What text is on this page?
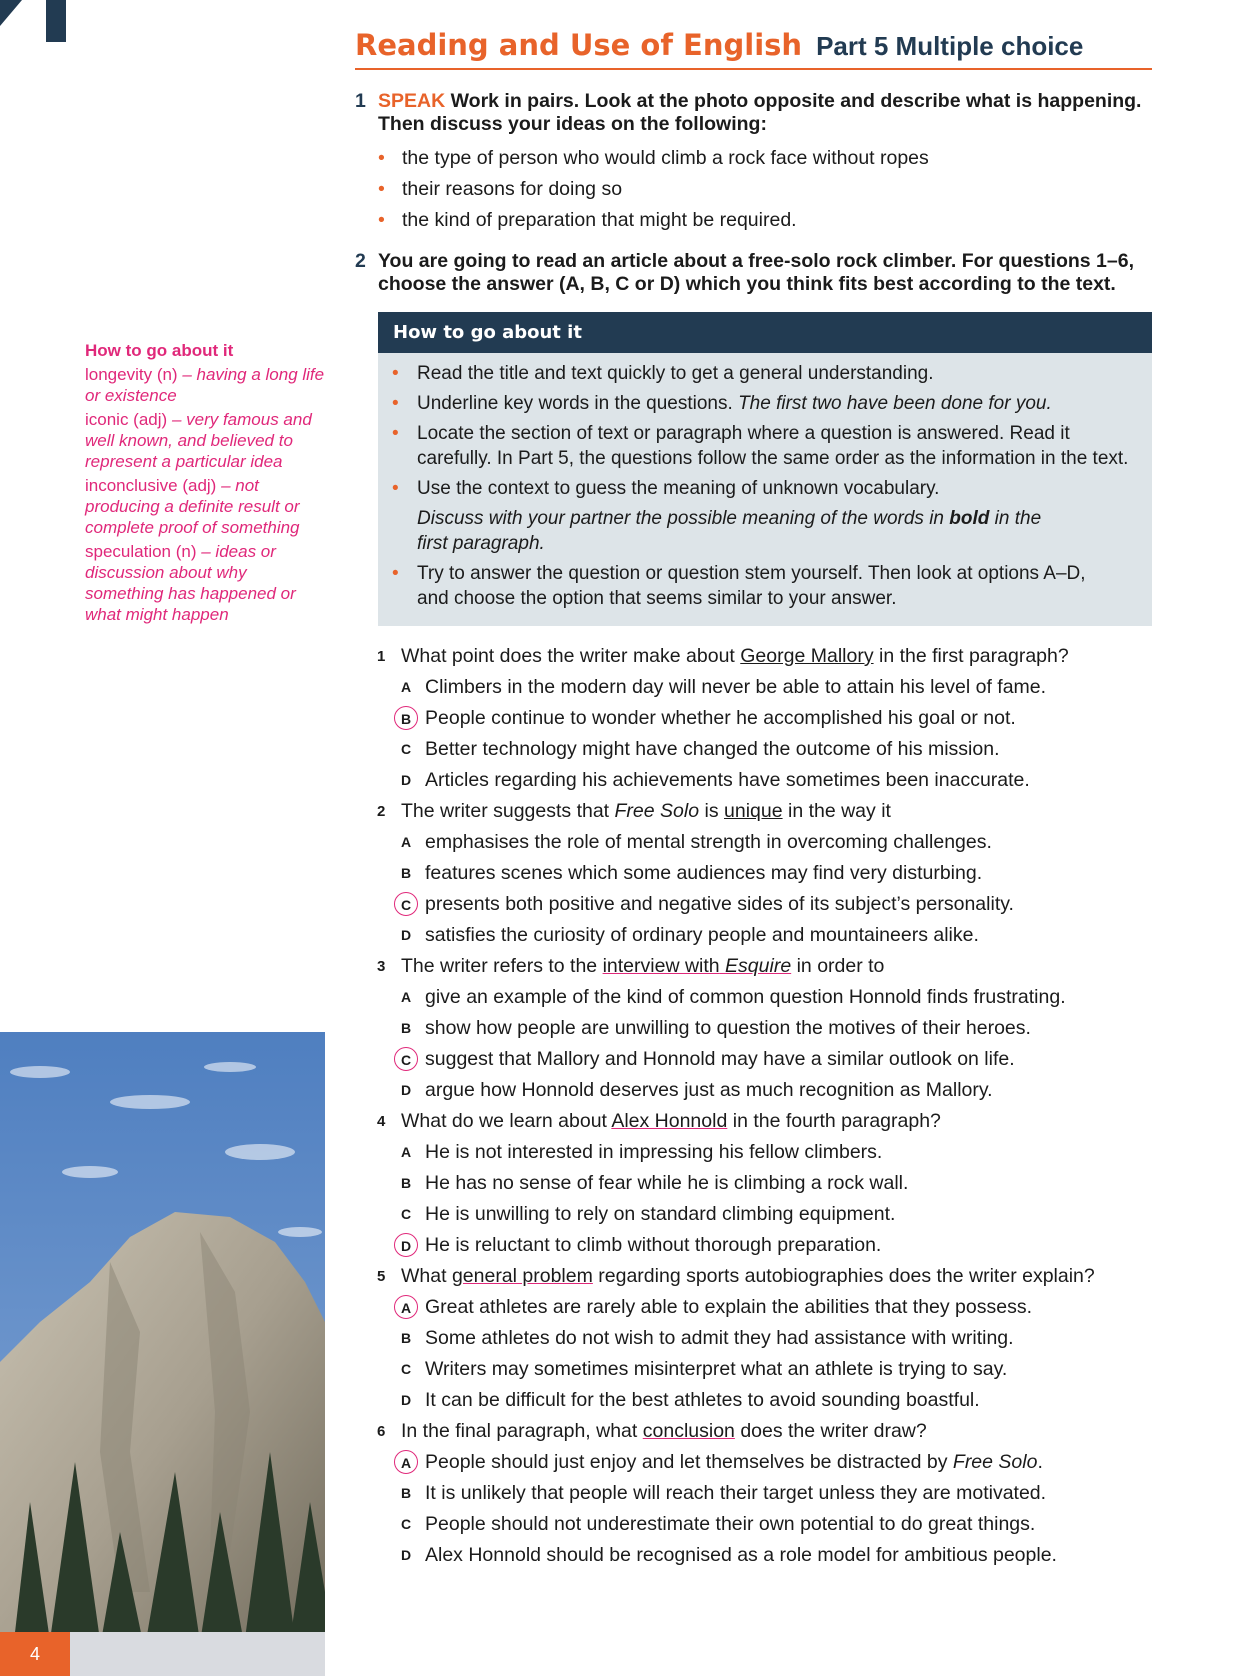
Reading and Use of English Part 5 Multiple choice
1 SPEAK Work in pairs. Look at the photo opposite and describe what is happening.
Then discuss your ideas on the following:
• the type of person who would climb a rock face without ropes
• their reasons for doing so
• the kind of preparation that might be required.
2 You are going to read an article about a free-solo rock climber. For questions 1–6,
choose the answer (A, B, C or D) which you think fits best according to the text.
How to go about it
• Read the title and text quickly to get a general understanding.
• Underline key words in the questions. The first two have been done for you.
• Locate the section of text or paragraph where a question is answered. Read it
carefully. In Part 5, the questions follow the same order as the information in the text.
• Use the context to guess the meaning of unknown vocabulary.
Discuss with your partner the possible meaning of the words in bold in the
first paragraph.
• Try to answer the question or question stem yourself. Then look at options A–D,
and choose the option that seems similar to your answer.
How to go about it
longevity (n) – having a long life or existence
iconic (adj) – very famous and well known, and believed to represent a particular idea
inconclusive (adj) – not producing a definite result or complete proof of something
speculation (n) – ideas or discussion about why something has happened or what might happen
4
1 What point does the writer make about George Mallory in the first paragraph?
A Climbers in the modern day will never be able to attain his level of fame.
B People continue to wonder whether he accomplished his goal or not.
C Better technology might have changed the outcome of his mission.
D Articles regarding his achievements have sometimes been inaccurate.
2 The writer suggests that Free Solo is unique in the way it
A emphasises the role of mental strength in overcoming challenges.
B features scenes which some audiences may find very disturbing.
C presents both positive and negative sides of its subject’s personality.
D satisfies the curiosity of ordinary people and mountaineers alike.
3 The writer refers to the interview with Esquire in order to
A give an example of the kind of common question Honnold finds frustrating.
B show how people are unwilling to question the motives of their heroes.
C suggest that Mallory and Honnold may have a similar outlook on life.
D argue how Honnold deserves just as much recognition as Mallory.
4 What do we learn about Alex Honnold in the fourth paragraph?
A He is not interested in impressing his fellow climbers.
B He has no sense of fear while he is climbing a rock wall.
C He is unwilling to rely on standard climbing equipment.
D He is reluctant to climb without thorough preparation.
5 What general problem regarding sports autobiographies does the writer explain?
A Great athletes are rarely able to explain the abilities that they possess.
B Some athletes do not wish to admit they had assistance with writing.
C Writers may sometimes misinterpret what an athlete is trying to say.
D It can be difficult for the best athletes to avoid sounding boastful.
6 In the final paragraph, what conclusion does the writer draw?
A People should just enjoy and let themselves be distracted by Free Solo.
B It is unlikely that people will reach their target unless they are motivated.
C People should not underestimate their own potential to do great things.
D Alex Honnold should be recognised as a role model for ambitious people.
